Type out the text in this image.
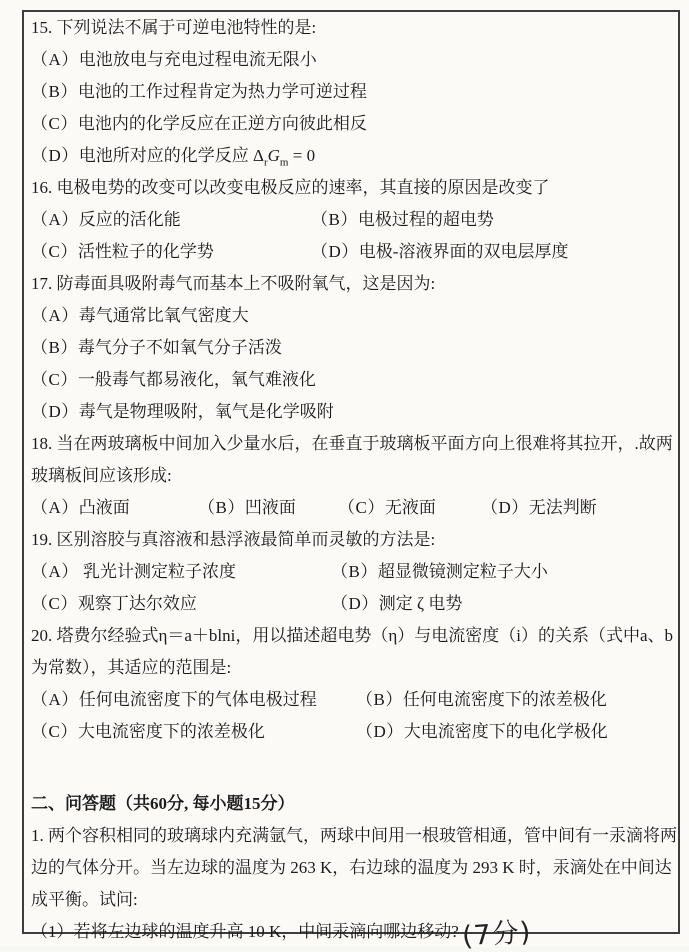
15. 下列说法不属于可逆电池特性的是:
（A）电池放电与充电过程电流无限小
（B）电池的工作过程肯定为热力学可逆过程
（C）电池内的化学反应在正逆方向彼此相反
（D）电池所对应的化学反应 $\Delta_rG_m = 0$
16. 电极电势的改变可以改变电极反应的速率，其直接的原因是改变了
（A）反应的活化能	（B）电极过程的超电势
（C）活性粒子的化学势	（D）电极-溶液界面的双电层厚度
17. 防毒面具吸附毒气而基本上不吸附氧气，这是因为:
（A）毒气通常比氧气密度大
（B）毒气分子不如氧气分子活泼
（C）一般毒气都易液化，氧气难液化
（D）毒气是物理吸附，氧气是化学吸附
18. 当在两玻璃板中间加入少量水后，在垂直于玻璃板平面方向上很难将其拉开，.故两
玻璃板间应该形成:
（A）凸液面	（B）凹液面 （C）无液面	（D）无法判断
19. 区别溶胶与真溶液和悬浮液最简单而灵敏的方法是:
（A） 乳光计测定粒子浓度	（B）超显微镜测定粒子大小
（C）观察丁达尔效应	（D）测定 ζ 电势
20. 塔费尔经验式η＝a＋blni，用以描述超电势（η）与电流密度（i）的关系（式中a、b
为常数），其适应的范围是:
（A）任何电流密度下的气体电极过程 （B）任何电流密度下的浓差极化
（C）大电流密度下的浓差极化	（D）大电流密度下的电化学极化
二、问答题（共60分, 每小题15分）
1. 两个容积相同的玻璃球内充满氩气，两球中间用一根玻管相通，管中间有一汞滴将两
边的气体分开。当左边球的温度为 263 K，右边球的温度为 293 K 时，汞滴处在中间达
成平衡。试问:
（1）若将左边球的温度升高 10 K，中间汞滴向哪边移动?(7分)
